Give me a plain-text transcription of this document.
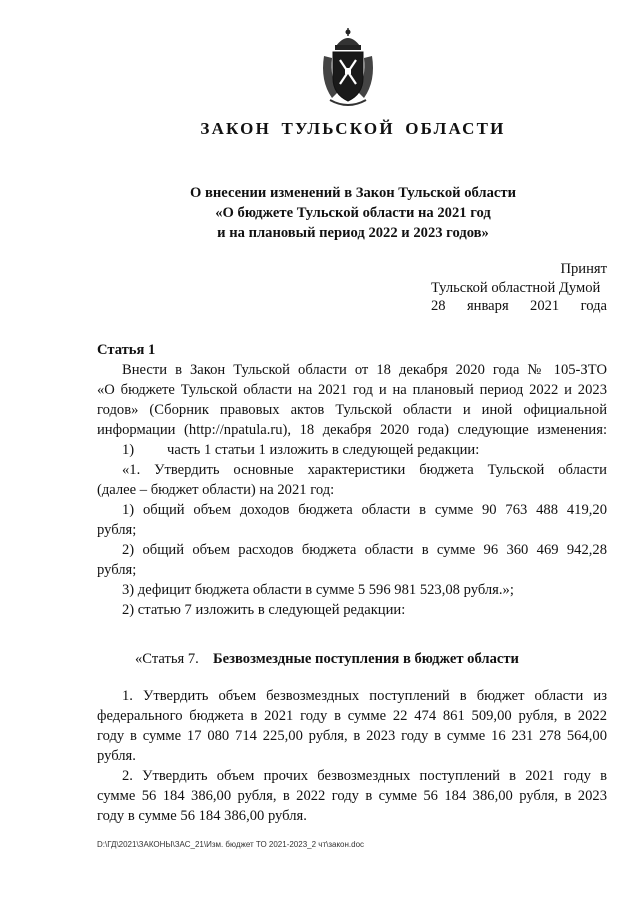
ЗАКОН ТУЛЬСКОЙ ОБЛАСТИ
О внесении изменений в Закон Тульской области
«О бюджете Тульской области на 2021 год
и на плановый период 2022 и 2023 годов»
Принят
Тульской областной Думой
28 января 2021 года

Статья 1

Внести в Закон Тульской области от 18 декабря 2020 года № 105-ЗТО

«О бюджете Тульской области на 2021 год и на плановый период 2022 и 2023

годов» (Сборник правовых актов Тульской области и иной официальной

информации (http://npatula.ru), 18 декабря 2020 года) следующие изменения:

1) часть 1 статьи 1 изложить в следующей редакции:

«1. Утвердить основные характеристики бюджета Тульской области

(далее – бюджет области) на 2021 год:

1) общий объем доходов бюджета области в сумме 90 763 488 419,20

рубля;

2) общий объем расходов бюджета области в сумме 96 360 469 942,28

рубля;

3) дефицит бюджета области в сумме 5 596 981 523,08 рубля.»;

2) статью 7 изложить в следующей редакции:

«Статья 7. Безвозмездные поступления в бюджет области

1. Утвердить объем безвозмездных поступлений в бюджет области из

федерального бюджета в 2021 году в сумме 22 474 861 509,00 рубля, в 2022

году в сумме 17 080 714 225,00 рубля, в 2023 году в сумме 16 231 278 564,00

рубля.

2. Утвердить объем прочих безвозмездных поступлений в 2021 году в

сумме 56 184 386,00 рубля, в 2022 году в сумме 56 184 386,00 рубля, в 2023

году в сумме 56 184 386,00 рубля.

D:\ГД\2021\ЗАКОНЫ\ЗАС_21\Изм. бюджет ТО 2021-2023_2 чт\закон.doc
